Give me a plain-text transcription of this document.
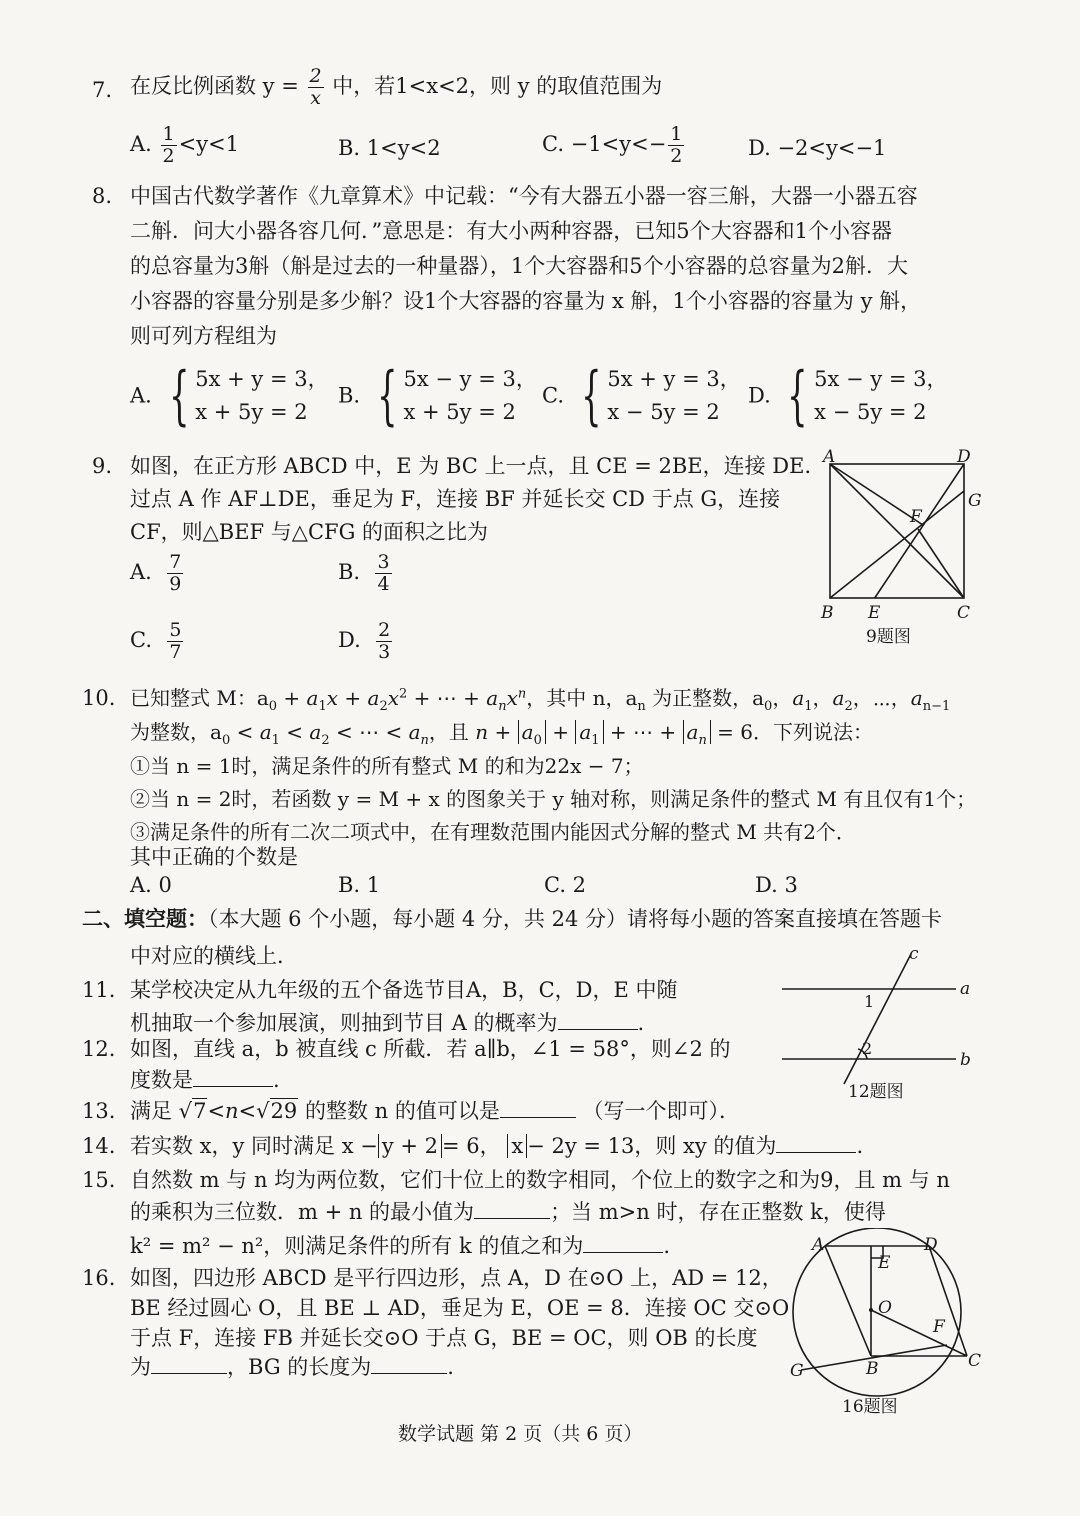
7. 在反比例函数 $y = \frac{2}{x}$ 中，若1<x<2，则 y 的取值范围为
A. $\frac{1}{2} <y<1$	B. 1<y<2	C. $-1<y<- \frac{1}{2}$	D. −2<y<−1
8. 中国古代数学著作《九章算术》中记载：“今有大器五小器一容三斛，大器一小器五容
二斛．问大小器各容几何．”意思是：有大小两种容器，已知5个大容器和1个小容器
的总容量为3斛（斛是过去的一种量器），1个大容器和5个小容器的总容量为2斛．大
小容器的容量分别是多少斛？设1个大容器的容量为 x 斛，1个小容器的容量为 y 斛，
则可列方程组为
A. { 5x + y = 3，
x + 5y = 2
B. { 5x − y = 3，
x + 5y = 2
C. { 5x + y = 3，
x − 5y = 2
D. { 5x − y = 3，
x − 5y = 2
9. 如图，在正方形 ABCD 中，E 为 BC 上一点，且 CE = 2BE，连接 DE．
过点 A 作 AF⊥DE，垂足为 F，连接 BF 并延长交 CD 于点 G，连接
CF，则△BEF 与△CFG 的面积之比为
A. $\frac{7}{9}$	B. $\frac{3}{4}$
C. $\frac{5}{7}$	D. $\frac{2}{3}$
A	D
G
F
B E	C
9题图
10. 已知整式 M：$a_0 + a_1x + a_2x^2$ + ⋯ + $a_nx^n$，其中 n，$a_n$ 为正整数，$a_0$，$a_1$，$a_2$，⋯，$a_{n-1}$
为整数，$a_0 < a_1 < a_2$ < ⋯ < $a_n$，且 $n + a_0 + a_1$ + ⋯ + $a_n = 6$．下列说法：
①当 n = 1时，满足条件的所有整式 M 的和为22x − 7；
②当 n = 2时，若函数 y = M + x 的图象关于 y 轴对称，则满足条件的整式 M 有且仅有1个；
③满足条件的所有二次二项式中，在有理数范围内能因式分解的整式 M 共有2个．
其中正确的个数是
A. 0	B. 1	C. 2	D. 3
二、填空题：（本大题 6 个小题，每小题 4 分，共 24 分）请将每小题的答案直接填在答题卡
中对应的横线上．
11. 某学校决定从九年级的五个备选节目A，B，C，D，E 中随
机抽取一个参加展演，则抽到节目 A 的概率为	.
12. 如图，直线 a，b 被直线 c 所截．若 a∥b，∠1 = 58°，则∠2 的
度数是	.
a
b
c
1
2
12题图
13. 满足 √7<n<√29 的整数 n 的值可以是	（写一个即可）．
14. 若实数 x，y 同时满足 x − y + 2 = 6， x − 2y = 13，则 xy 的值为	.
15. 自然数 m 与 n 均为两位数，它们十位上的数字相同，个位上的数字之和为9，且 m 与 n
的乘积为三位数．m + n 的最小值为	；当 m>n 时，存在正整数 k，使得
k² = m² − n²，则满足条件的所有 k 的值之和为	.
16. 如图，四边形 ABCD 是平行四边形，点 A，D 在⊙O 上，AD = 12，
BE 经过圆心 O，且 BE ⊥ AD，垂足为 E，OE = 8．连接 OC 交⊙O
于点 F，连接 FB 并延长交⊙O 于点 G，BE = OC，则 OB 的长度
为	，BG 的长度为	.
A	D
E
O
F
B
G	C
16题图
数学试题 第 2 页（共 6 页）
